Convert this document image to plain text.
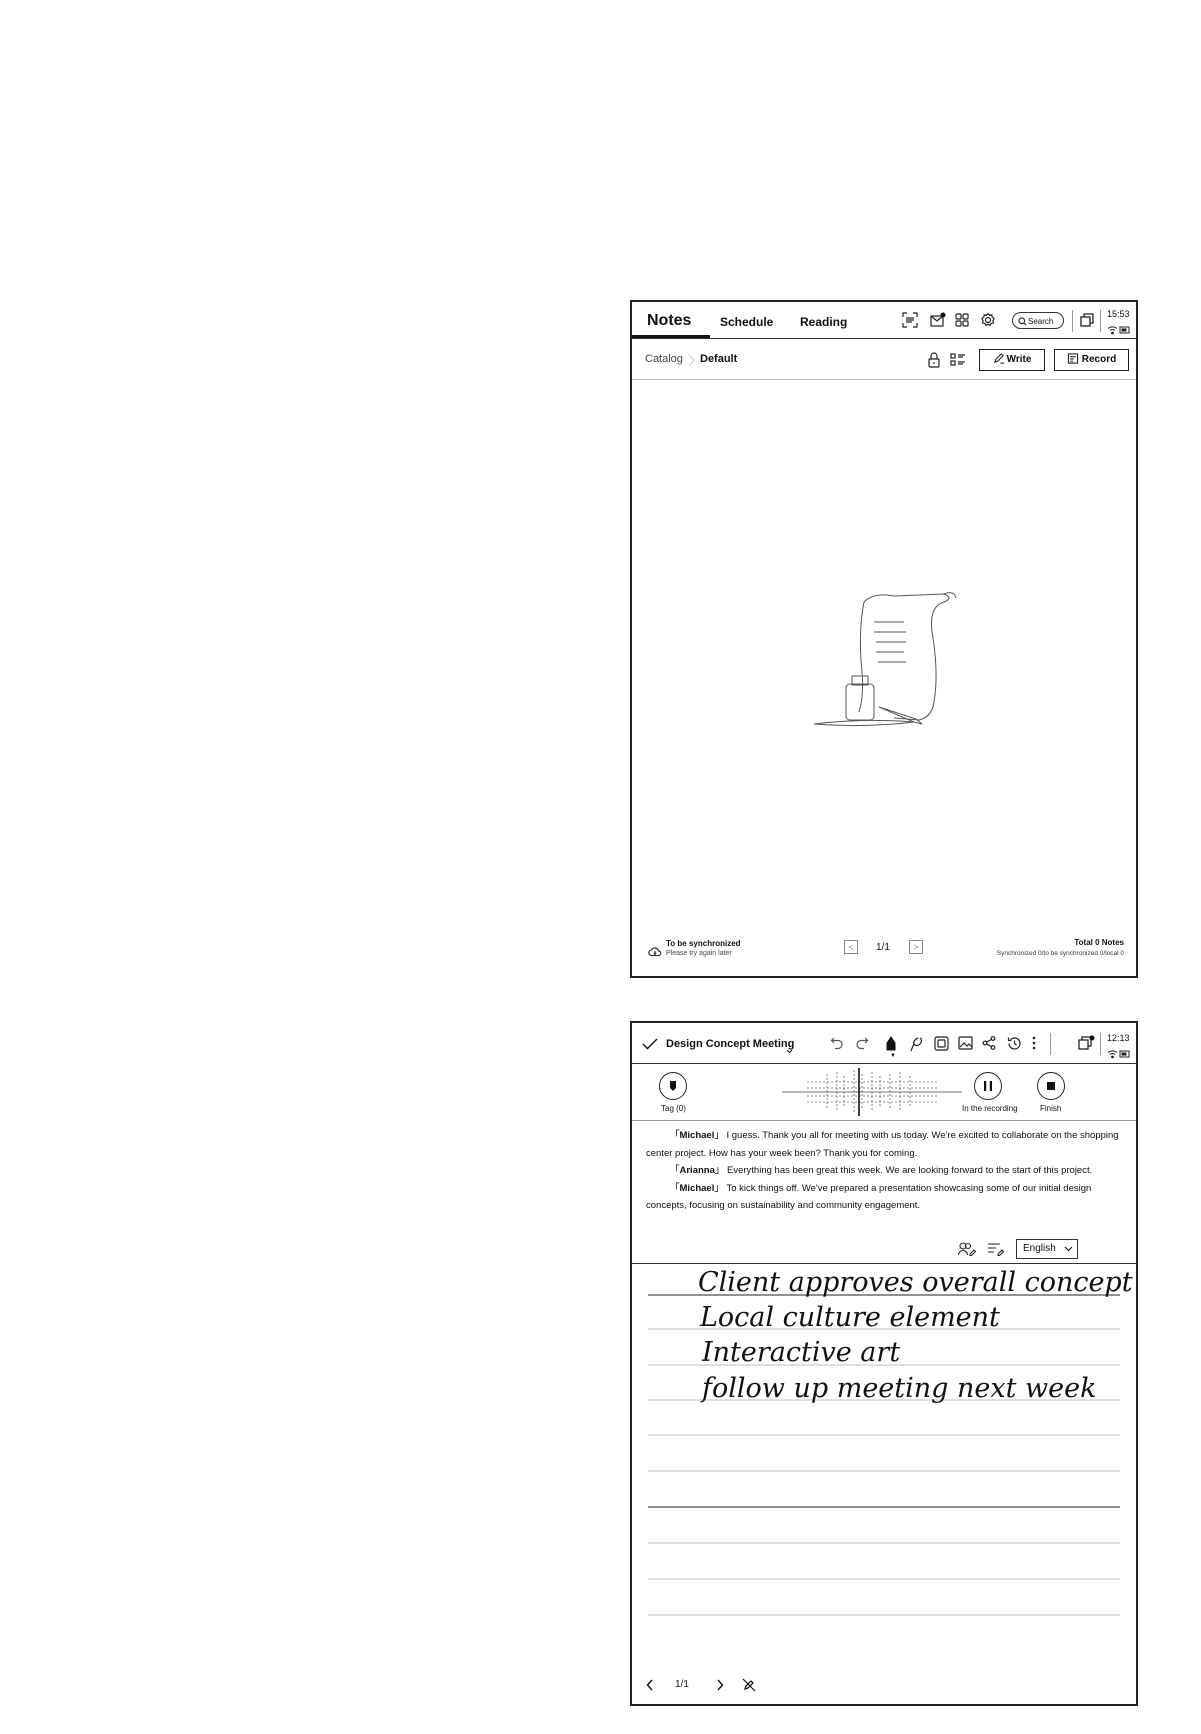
Notes Schedule Reading	Search
15:53
Catalog 〉 Default	Write	Record
To be synchronized
Please try again later
<	1/1	>	Total 0 Notes
Synchronized 0/to be synchronized 0/local 0
Design Concept Meeting
▼
12:13
Tag (0)	In the recording	Finish

「Michael」 I guess. Thank you all for meeting with us today. We're excited to collaborate on the shopping center project. How has your week been? Thank you for coming.

「Arianna」 Everything has been great this week. We are looking forward to the start of this project.

「Michael」 To kick things off. We've prepared a presentation showcasing some of our initial design concepts, focusing on sustainability and community engagement.

English
Client approves overall concept
Local culture element
Interactive art
follow up meeting next week
1/1
